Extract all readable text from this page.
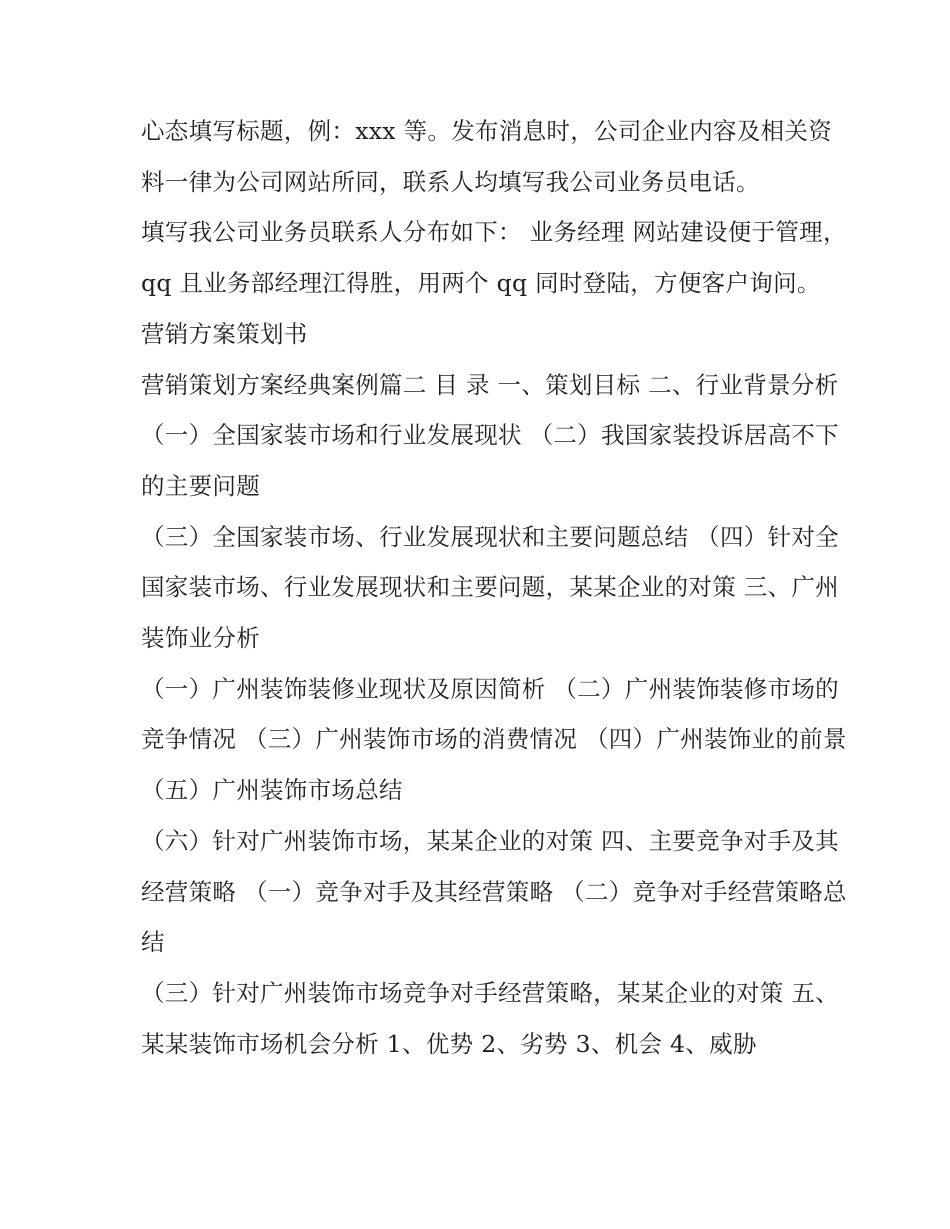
心态填写标题，例：xxx 等。发布消息时，公司企业内容及相关资料一律为公司网站所同，联系人均填写我公司业务员电话。

填写我公司业务员联系人分布如下： 业务经理 网站建设便于管理，qq 且业务部经理江得胜，用两个 qq 同时登陆，方便客户询问。 营销方案策划书

营销策划方案经典案例篇二 目 录 一、策划目标 二、行业背景分析 （一）全国家装市场和行业发展现状 （二）我国家装投诉居高不下的主要问题

（三）全国家装市场、行业发展现状和主要问题总结 （四）针对全国家装市场、行业发展现状和主要问题，某某企业的对策 三、广州装饰业分析

（一）广州装饰装修业现状及原因简析 （二）广州装饰装修市场的竞争情况 （三）广州装饰市场的消费情况 （四）广州装饰业的前景 （五）广州装饰市场总结

（六）针对广州装饰市场，某某企业的对策 四、主要竞争对手及其经营策略 （一）竞争对手及其经营策略 （二）竞争对手经营策略总结

（三）针对广州装饰市场竞争对手经营策略，某某企业的对策 五、某某装饰市场机会分析 1、优势 2、劣势 3、机会 4、威胁
